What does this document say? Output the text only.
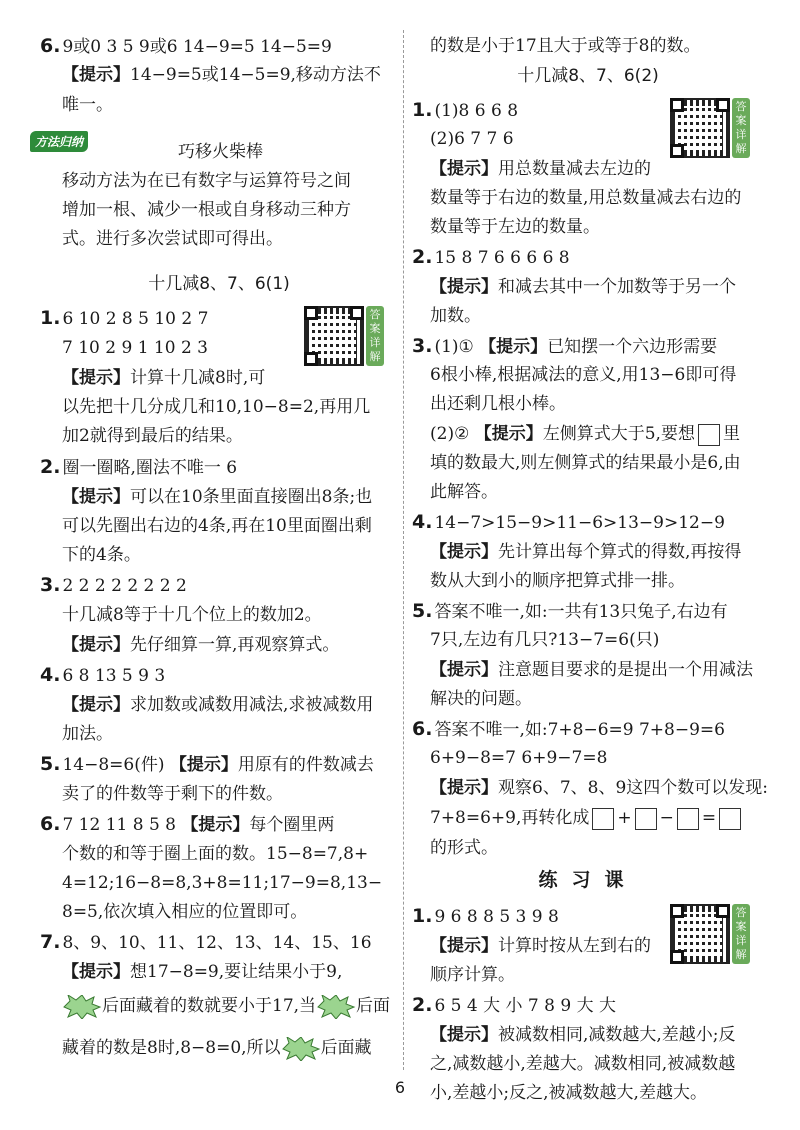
6. 9或0 3 5 9或6 14−9=5 14−5=9
【提示】14−9=5或14−5=9,移动方法不
唯一。
方法归纳	巧移火柴棒
移动方法为在已有数字与运算符号之间
增加一根、减少一根或自身移动三种方
式。进行多次尝试即可得出。
十几减8、7、6(1)
1. 6 10 2 8 5 10 2 7
7 10 2 9 1 10 2 3
【提示】计算十几减8时,可
以先把十几分成几和10,10−8=2,再用几
加2就得到最后的结果。
答案详解
2. 圈一圈略,圈法不唯一 6
【提示】可以在10条里面直接圈出8条;也
可以先圈出右边的4条,再在10里面圈出剩
下的4条。
3. 2 2 2 2 2 2 2 2
十几减8等于十几个位上的数加2。
【提示】先仔细算一算,再观察算式。
4. 6 8 13 5 9 3
【提示】求加数或减数用减法,求被减数用
加法。
5. 14−8=6(件) 【提示】用原有的件数减去
卖了的件数等于剩下的件数。
6. 7 12 11 8 5 8 【提示】每个圈里两
个数的和等于圈上面的数。15−8=7,8+
4=12;16−8=8,3+8=11;17−9=8,13−
8=5,依次填入相应的位置即可。
7. 8、9、10、11、12、13、14、15、16
【提示】想17−8=9,要让结果小于9,
后面藏着的数就要小于17,当 后面
藏着的数是8时,8−8=0,所以 后面藏
的数是小于17且大于或等于8的数。
十几减8、7、6(2)
1. (1)8 6 6 8
(2)6 7 7 6
【提示】用总数量减去左边的
数量等于右边的数量,用总数量减去右边的
数量等于左边的数量。
答案详解
2. 15 8 7 6 6 6 6 8
【提示】和减去其中一个加数等于另一个
加数。
3. (1)① 【提示】已知摆一个六边形需要
6根小棒,根据减法的意义,用13−6即可得
出还剩几根小棒。
(2)② 【提示】左侧算式大于5,要想 里
填的数最大,则左侧算式的结果最小是6,由
此解答。
4. 14−7>15−9>11−6>13−9>12−9
【提示】先计算出每个算式的得数,再按得
数从大到小的顺序把算式排一排。
5. 答案不唯一,如:一共有13只兔子,右边有
7只,左边有几只?13−7=6(只)
【提示】注意题目要求的是提出一个用减法
解决的问题。
6. 答案不唯一,如:7+8−6=9 7+8−9=6
6+9−8=7 6+9−7=8
【提示】观察6、7、8、9这四个数可以发现:
7+8=6+9,再转化成 + − =
的形式。
练习课
1. 9 6 8 8 5 3 9 8
【提示】计算时按从左到右的
顺序计算。
答案详解
2. 6 5 4 大 小 7 8 9 大 大
【提示】被减数相同,减数越大,差越小;反
之,减数越小,差越大。减数相同,被减数越
小,差越小;反之,被减数越大,差越大。
6
